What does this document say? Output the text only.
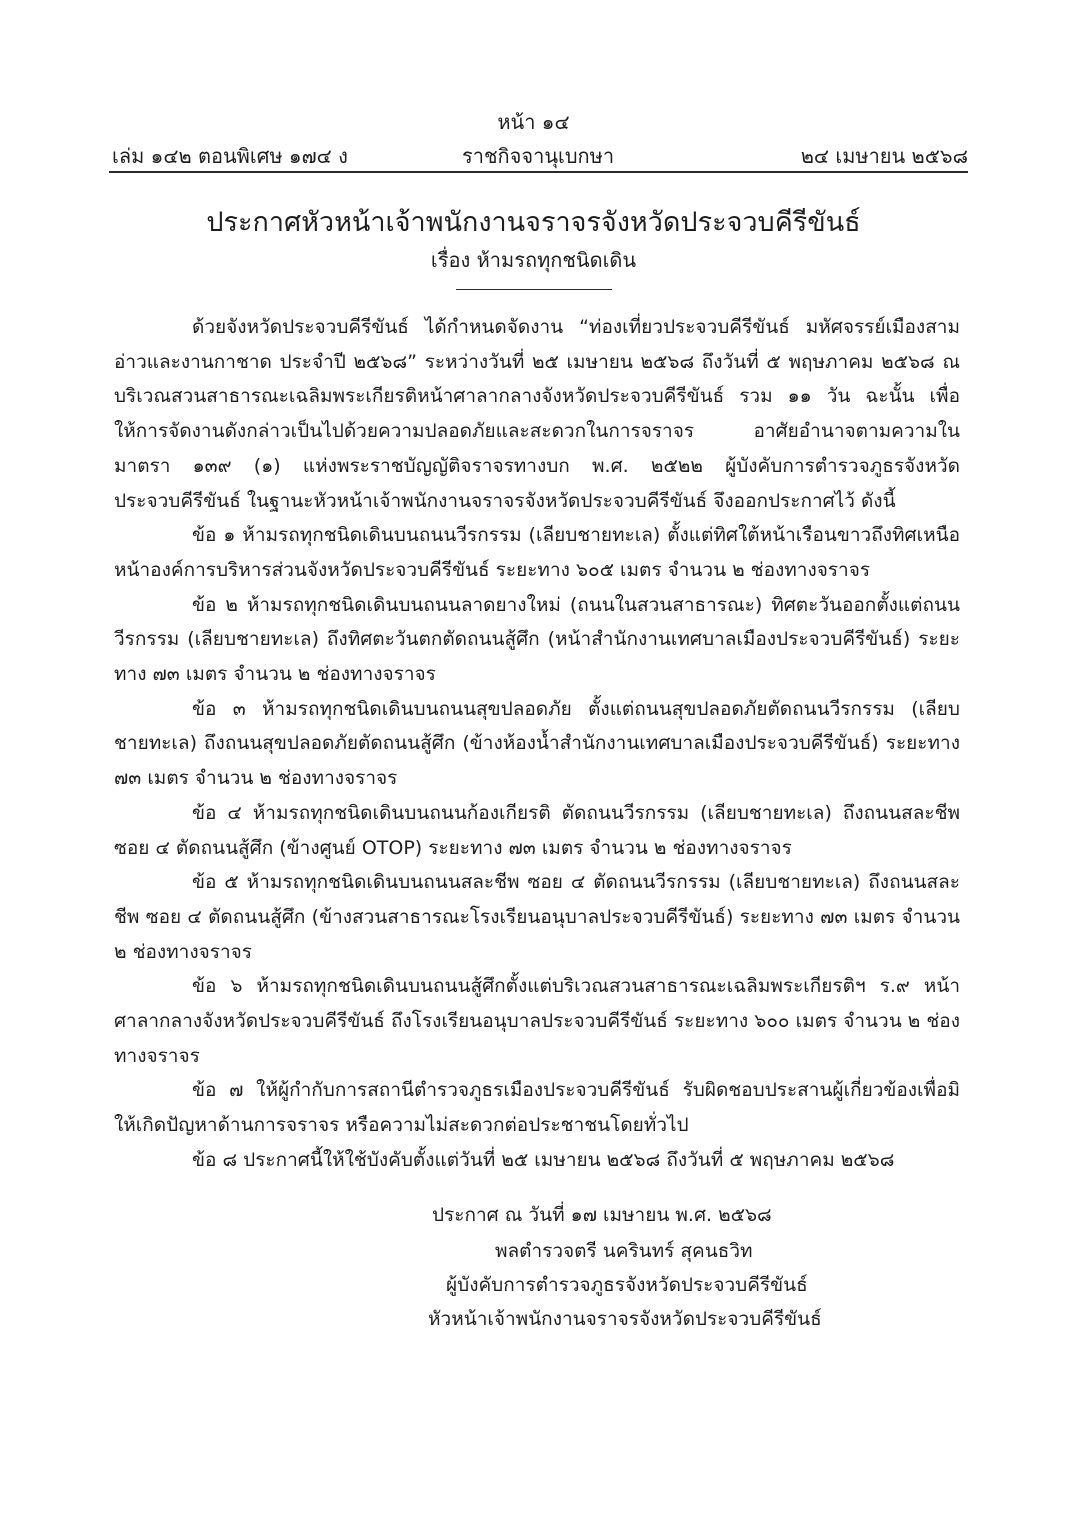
หน้า ๑๔
เล่ม ๑๔๒ ตอนพิเศษ ๑๗๔ ง	ราชกิจจานุเบกษา	๒๔ เมษายน ๒๕๖๘
ประกาศหัวหน้าเจ้าพนักงานจราจรจังหวัดประจวบคีรีขันธ์
เรื่อง ห้ามรถทุกชนิดเดิน

ด้วยจังหวัดประจวบคีรีขันธ์ ได้กำหนดจัดงาน “ท่องเที่ยวประจวบคีรีขันธ์ มหัศจรรย์เมืองสามอ่าวและงานกาชาด ประจำปี ๒๕๖๘” ระหว่างวันที่ ๒๕ เมษายน ๒๕๖๘ ถึงวันที่ ๕ พฤษภาคม ๒๕๖๘ ณ บริเวณสวนสาธารณะเฉลิมพระเกียรติหน้าศาลากลางจังหวัดประจวบคีรีขันธ์ รวม ๑๑ วัน ฉะนั้น เพื่อให้การจัดงานดังกล่าวเป็นไปด้วยความปลอดภัยและสะดวกในการจราจร อาศัยอำนาจตามความในมาตรา ๑๓๙ (๑) แห่งพระราชบัญญัติจราจรทางบก พ.ศ. ๒๕๒๒ ผู้บังคับการตำรวจภูธรจังหวัดประจวบคีรีขันธ์ ในฐานะหัวหน้าเจ้าพนักงานจราจรจังหวัดประจวบคีรีขันธ์ จึงออกประกาศไว้ ดังนี้

ข้อ ๑ ห้ามรถทุกชนิดเดินบนถนนวีรกรรม (เลียบชายทะเล) ตั้งแต่ทิศใต้หน้าเรือนขาวถึงทิศเหนือหน้าองค์การบริหารส่วนจังหวัดประจวบคีรีขันธ์ ระยะทาง ๖๐๕ เมตร จำนวน ๒ ช่องทางจราจร

ข้อ ๒ ห้ามรถทุกชนิดเดินบนถนนลาดยางใหม่ (ถนนในสวนสาธารณะ) ทิศตะวันออกตั้งแต่ถนนวีรกรรม (เลียบชายทะเล) ถึงทิศตะวันตกตัดถนนสู้ศึก (หน้าสำนักงานเทศบาลเมืองประจวบคีรีขันธ์) ระยะทาง ๗๓ เมตร จำนวน ๒ ช่องทางจราจร

ข้อ ๓ ห้ามรถทุกชนิดเดินบนถนนสุขปลอดภัย ตั้งแต่ถนนสุขปลอดภัยตัดถนนวีรกรรม (เลียบชายทะเล) ถึงถนนสุขปลอดภัยตัดถนนสู้ศึก (ข้างห้องน้ำสำนักงานเทศบาลเมืองประจวบคีรีขันธ์) ระยะทาง ๗๓ เมตร จำนวน ๒ ช่องทางจราจร

ข้อ ๔ ห้ามรถทุกชนิดเดินบนถนนก้องเกียรติ ตัดถนนวีรกรรม (เลียบชายทะเล) ถึงถนนสละชีพ ซอย ๔ ตัดถนนสู้ศึก (ข้างศูนย์ OTOP) ระยะทาง ๗๓ เมตร จำนวน ๒ ช่องทางจราจร

ข้อ ๕ ห้ามรถทุกชนิดเดินบนถนนสละชีพ ซอย ๔ ตัดถนนวีรกรรม (เลียบชายทะเล) ถึงถนนสละชีพ ซอย ๔ ตัดถนนสู้ศึก (ข้างสวนสาธารณะโรงเรียนอนุบาลประจวบคีรีขันธ์) ระยะทาง ๗๓ เมตร จำนวน ๒ ช่องทางจราจร

ข้อ ๖ ห้ามรถทุกชนิดเดินบนถนนสู้ศึกตั้งแต่บริเวณสวนสาธารณะเฉลิมพระเกียรติฯ ร.๙ หน้าศาลากลางจังหวัดประจวบคีรีขันธ์ ถึงโรงเรียนอนุบาลประจวบคีรีขันธ์ ระยะทาง ๖๐๐ เมตร จำนวน ๒ ช่องทางจราจร

ข้อ ๗ ให้ผู้กำกับการสถานีตำรวจภูธรเมืองประจวบคีรีขันธ์ รับผิดชอบประสานผู้เกี่ยวข้องเพื่อมิให้เกิดปัญหาด้านการจราจร หรือความไม่สะดวกต่อประชาชนโดยทั่วไป

ข้อ ๘ ประกาศนี้ให้ใช้บังคับตั้งแต่วันที่ ๒๕ เมษายน ๒๕๖๘ ถึงวันที่ ๕ พฤษภาคม ๒๕๖๘

ประกาศ ณ วันที่ ๑๗ เมษายน พ.ศ. ๒๕๖๘
พลตำรวจตรี นครินทร์ สุคนธวิท
ผู้บังคับการตำรวจภูธรจังหวัดประจวบคีรีขันธ์
หัวหน้าเจ้าพนักงานจราจรจังหวัดประจวบคีรีขันธ์
